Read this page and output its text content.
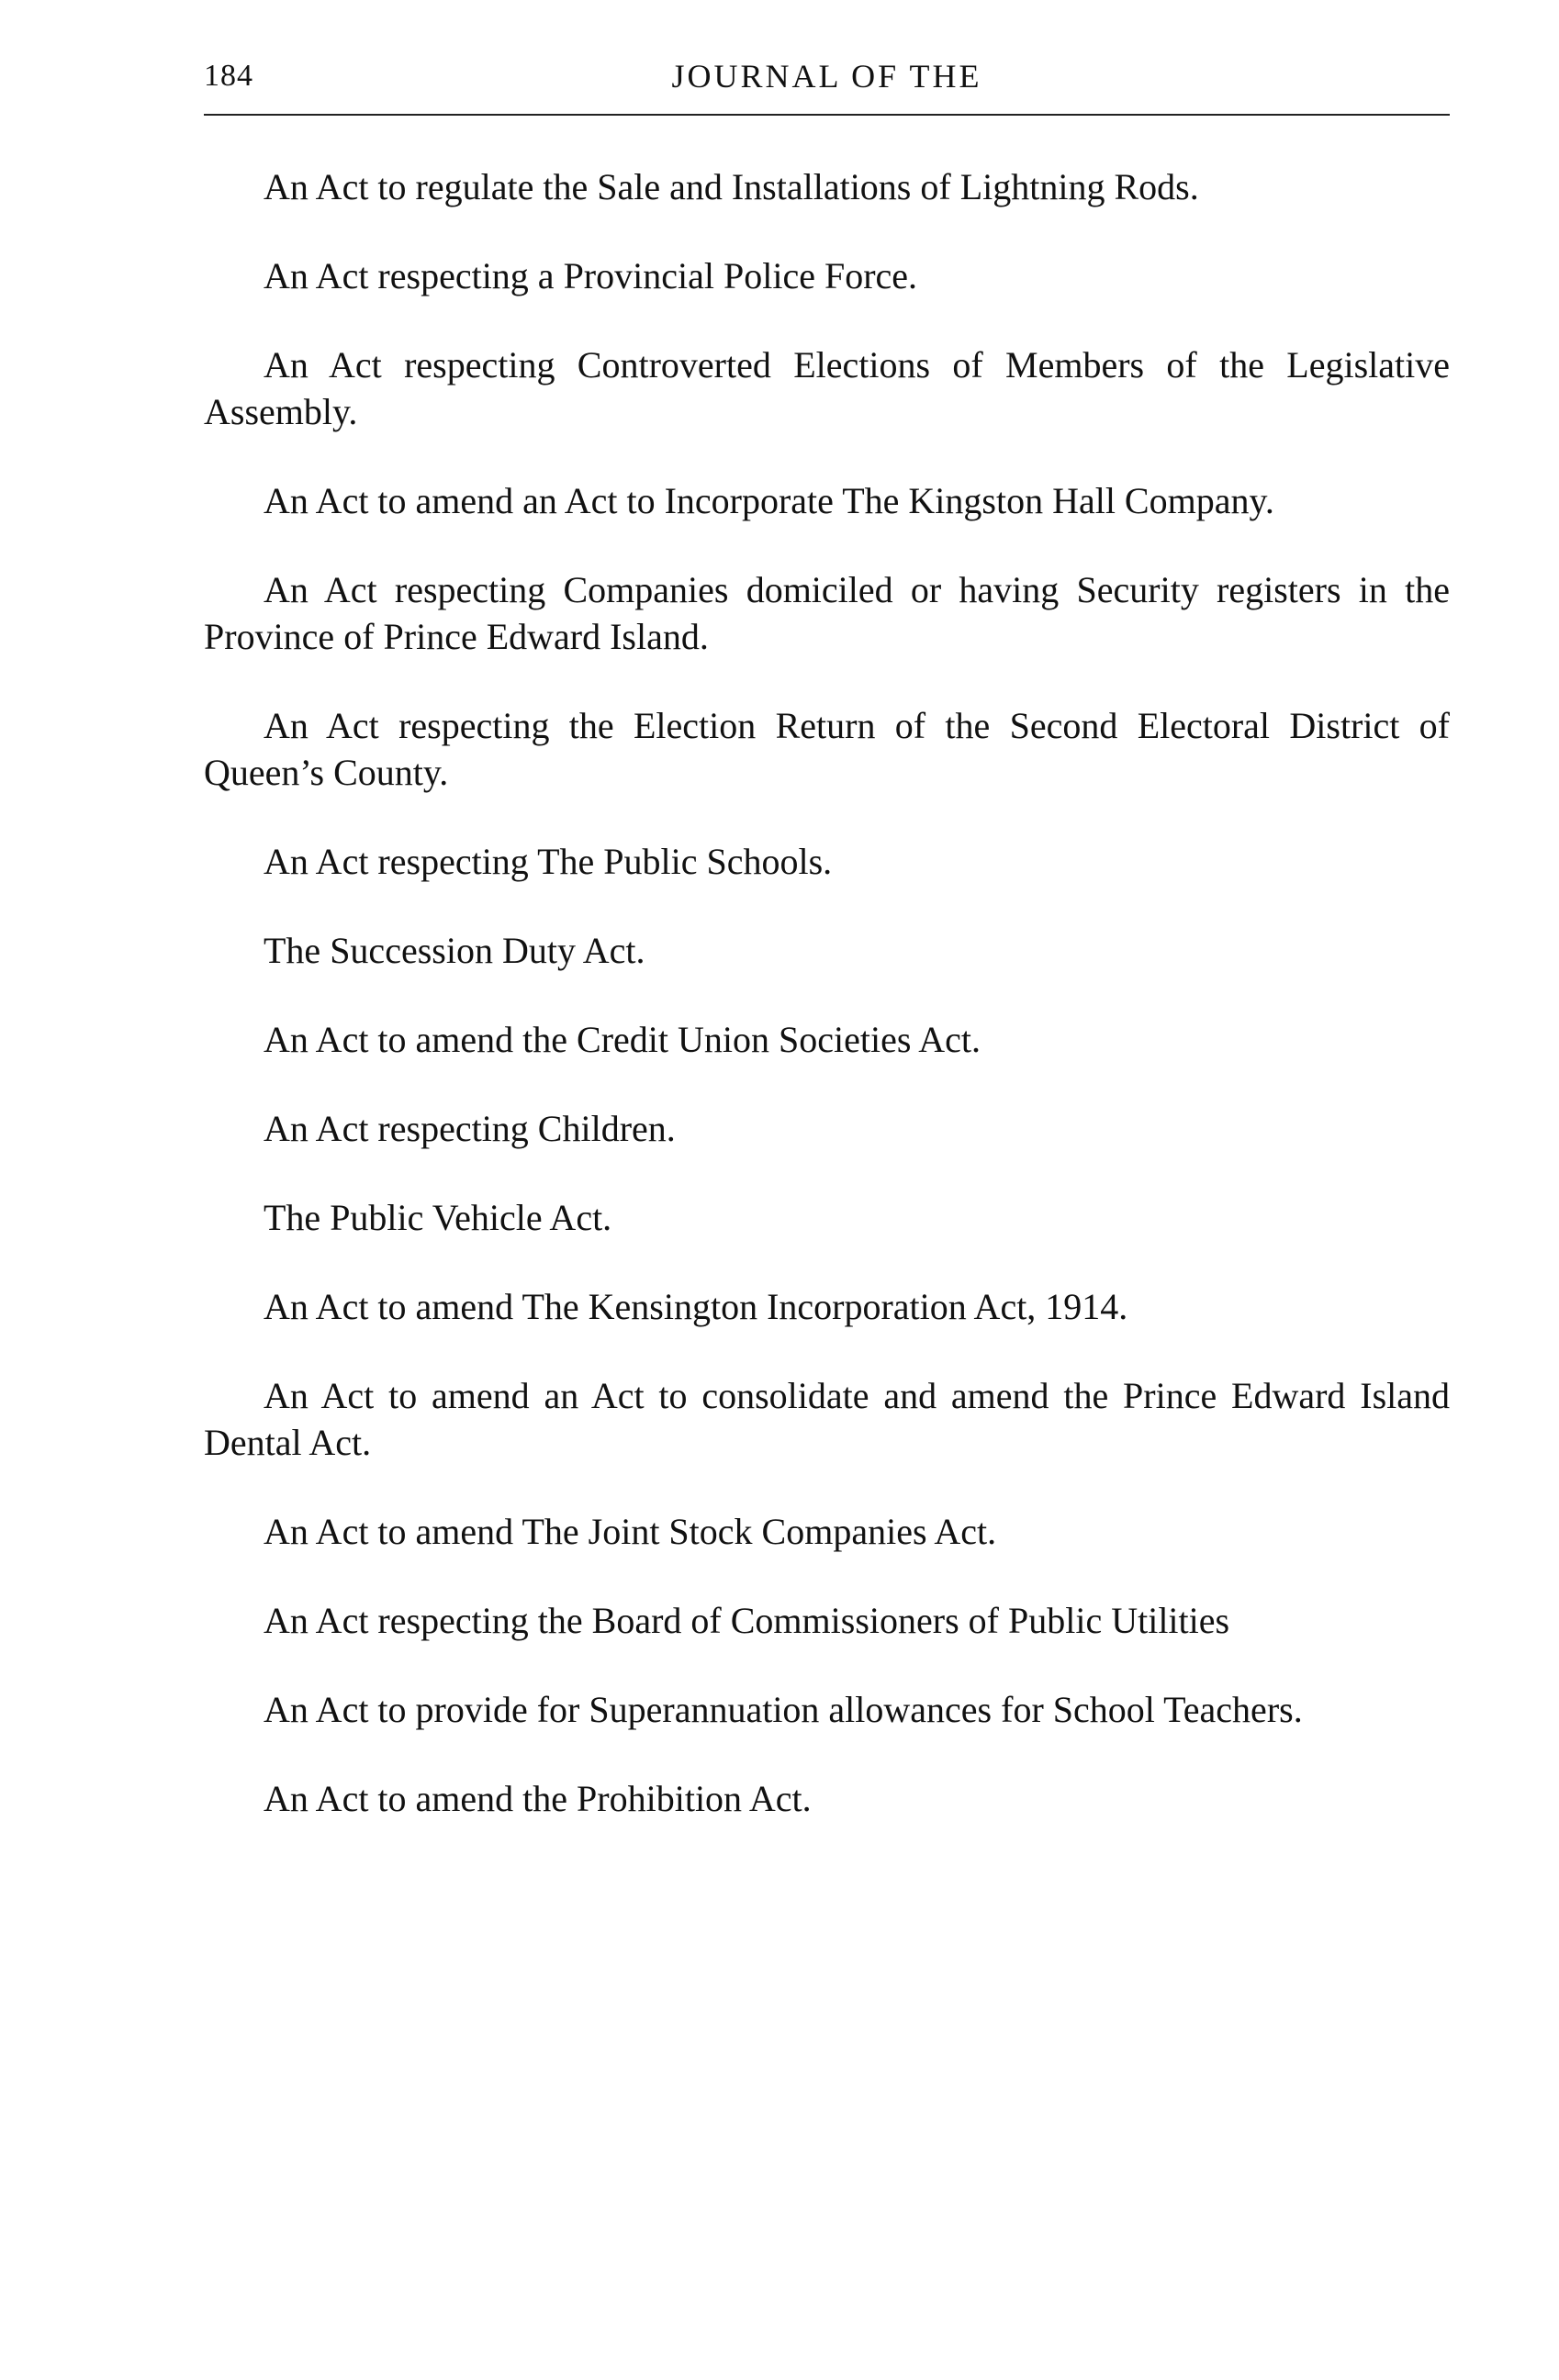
184	JOURNAL OF THE
An Act to regulate the Sale and Installations of Lightning Rods.
An Act respecting a Provincial Police Force.
An Act respecting Controverted Elections of Members of the Legislative Assembly.
An Act to amend an Act to Incorporate The Kingston Hall Company.
An Act respecting Companies domiciled or having Security registers in the Province of Prince Edward Island.
An Act respecting the Election Return of the Second Electoral District of Queen’s County.
An Act respecting The Public Schools.
The Succession Duty Act.
An Act to amend the Credit Union Societies Act.
An Act respecting Children.
The Public Vehicle Act.
An Act to amend The Kensington Incorporation Act, 1914.
An Act to amend an Act to consolidate and amend the Prince Edward Island Dental Act.
An Act to amend The Joint Stock Companies Act.
An Act respecting the Board of Commissioners of Public Utilities
An Act to provide for Superannuation allowances for School Teachers.
An Act to amend the Prohibition Act.
